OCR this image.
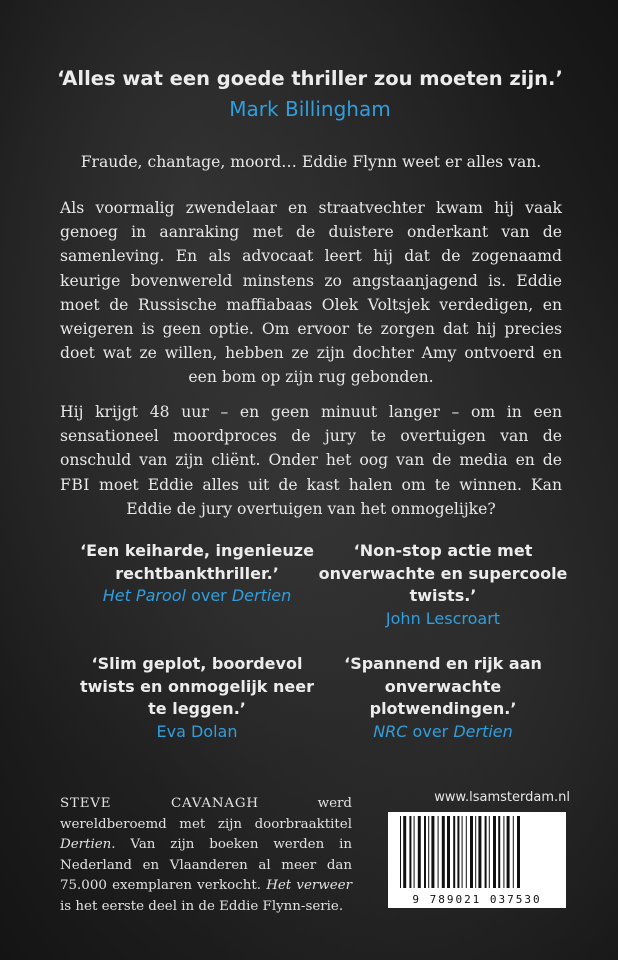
‘Alles wat een goede thriller zou moeten zijn.’
Mark Billingham
Fraude, chantage, moord… Eddie Flynn weet er alles van.
Als voormalig zwendelaar en straatvechter kwam hij vaak genoeg in aanraking met de duistere onderkant van de samenleving. En als advocaat leert hij dat de zogenaamd keurige bovenwereld minstens zo angstaanjagend is. Eddie moet de Russische maffiabaas Olek Voltsjek verdedigen, en weigeren is geen optie. Om ervoor te zorgen dat hij precies doet wat ze willen, hebben ze zijn dochter Amy ontvoerd en een bom op zijn rug gebonden.
Hij krijgt 48 uur – en geen minuut langer – om in een sensationeel moordproces de jury te overtuigen van de onschuld van zijn cliënt. Onder het oog van de media en de FBI moet Eddie alles uit de kast halen om te winnen. Kan Eddie de jury overtuigen van het onmogelijke?
‘Een keiharde, ingenieuze rechtbankthriller.’
Het Parool over Dertien
‘Non-stop actie met onverwachte en supercoole twists.’
John Lescroart
‘Slim geplot, boordevol twists en onmogelijk neer te leggen.’
Eva Dolan
‘Spannend en rijk aan onverwachte plotwendingen.’
NRC over Dertien
STEVE CAVANAGH werd wereldberoemd met zijn doorbraaktitel Dertien. Van zijn boeken werden in Nederland en Vlaanderen al meer dan 75.000 exemplaren verkocht. Het verweer is het eerste deel in de Eddie Flynn-serie.
www.lsamsterdam.nl
9 789021 037530
